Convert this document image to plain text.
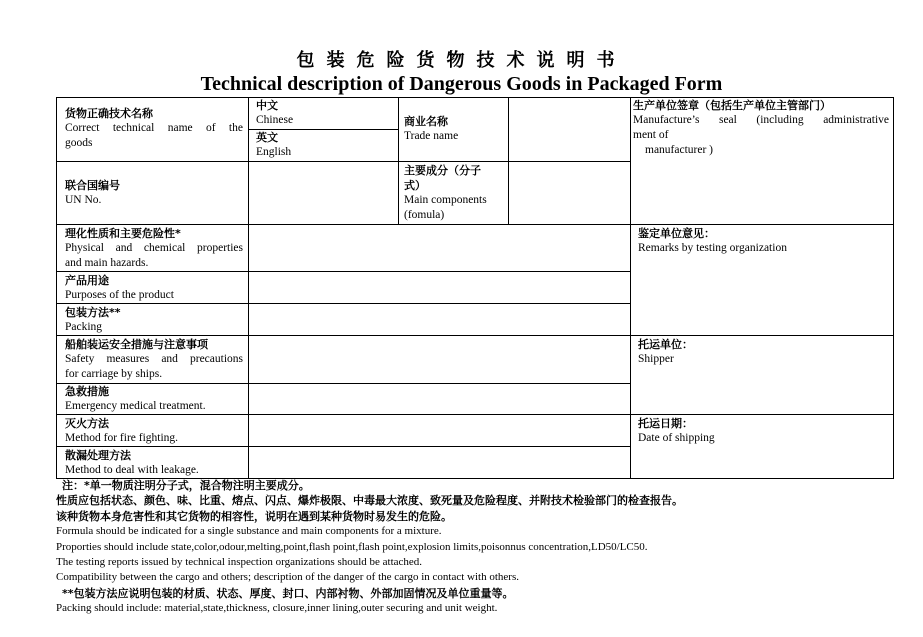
包装危险货物技术说明书
Technical description of Dangerous Goods in Packaged Form
货物正确技术名称
Correct technical name of the
goods
中文
Chinese
英文
English
商业名称
Trade name
生产单位签章（包括生产单位主管部门）
Manufacture’s seal (including administrative
ment of
manufacturer )
联合国编号
UN No.
主要成分（分子
式）
Main components
(fomula)
理化性质和主要危险性*
Physical and chemical properties
and main hazards.
鉴定单位意见：
Remarks by testing organization
产品用途
Purposes of the product
包装方法**
Packing
船舶装运安全措施与注意事项
Safety measures and precautions
for carriage by ships.
托运单位：
Shipper
急救措施
Emergency medical treatment.
灭火方法
Method for fire fighting.
托运日期：
Date of shipping
散漏处理方法
Method to deal with leakage.
注：*单一物质注明分子式，混合物注明主要成分。
性质应包括状态、颜色、味、比重、熔点、闪点、爆炸极限、中毒最大浓度、致死量及危险程度、并附技术检验部门的检查报告。
该种货物本身危害性和其它货物的相容性，说明在遇到某种货物时易发生的危险。
Formula should be indicated for a single substance and main components for a mixture.
Proporties should include state,color,odour,melting,point,flash point,flash point,explosion limits,poisonnus concentration,LD50/LC50.
The testing reports issued by technical inspection organizations should be attached.
Compatibility between the cargo and others; description of the danger of the cargo in contact with others.
**包装方法应说明包装的材质、状态、厚度、封口、内部衬物、外部加固情况及单位重量等。
Packing should include: material,state,thickness, closure,inner lining,outer securing and unit weight.
